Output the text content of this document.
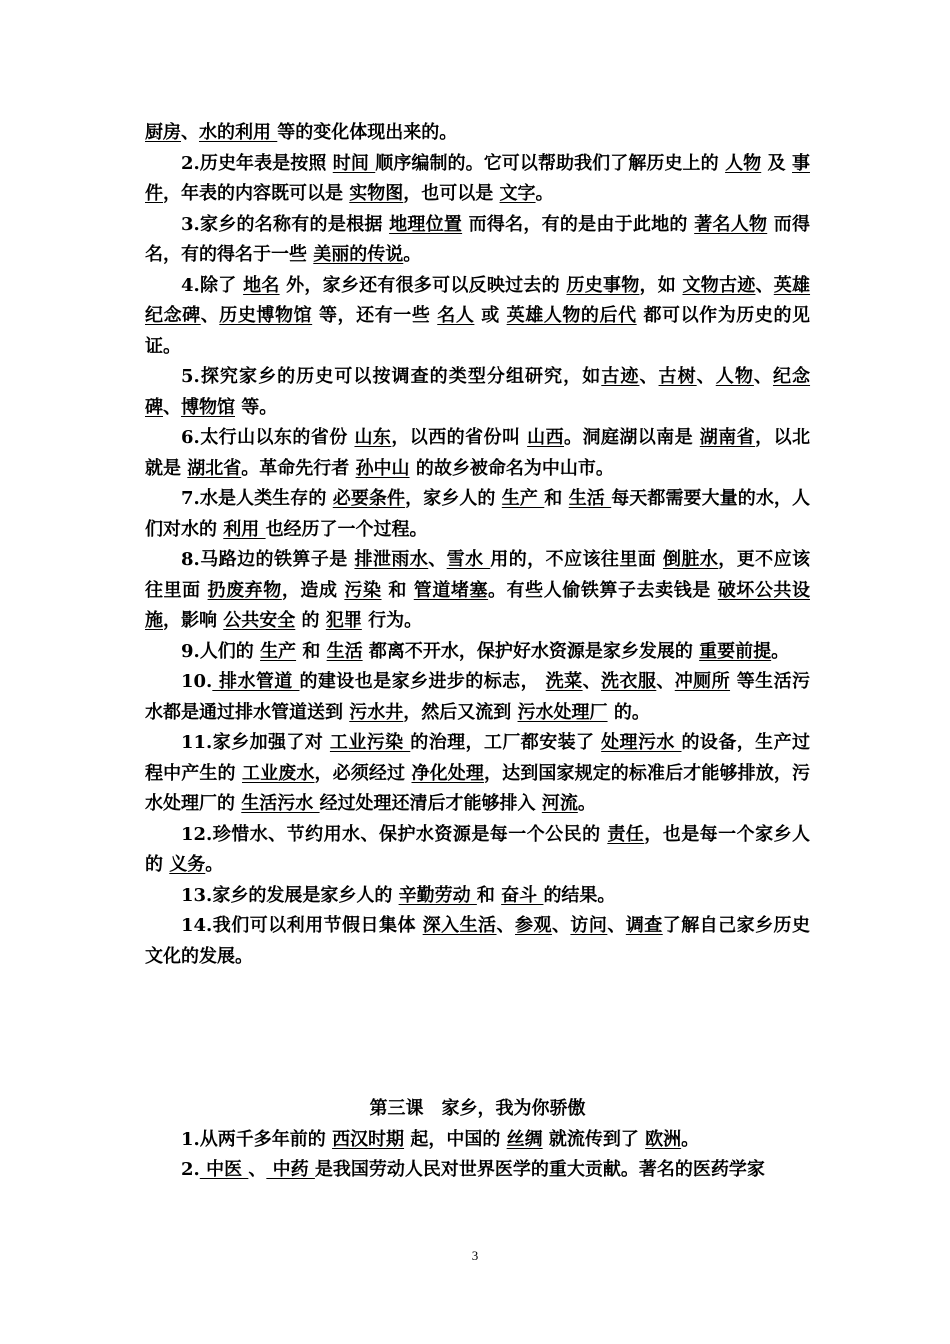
厨房、水的利用 等的变化体现出来的。
2.历史年表是按照 时间 顺序编制的。它可以帮助我们了解历史上的 人物 及 事件，年表的内容既可以是 实物图，也可以是 文字。
3.家乡的名称有的是根据 地理位置 而得名，有的是由于此地的 著名人物 而得名，有的得名于一些 美丽的传说。
4.除了 地名 外，家乡还有很多可以反映过去的 历史事物，如 文物古迹、英雄纪念碑、历史博物馆 等，还有一些 名人 或 英雄人物的后代 都可以作为历史的见证。
5.探究家乡的历史可以按调查的类型分组研究，如古迹、古树、人物、纪念碑、博物馆 等。
6.太行山以东的省份 山东，以西的省份叫 山西。洞庭湖以南是 湖南省，以北就是 湖北省。革命先行者 孙中山 的故乡被命名为中山市。
7.水是人类生存的 必要条件，家乡人的 生产 和 生活 每天都需要大量的水，人们对水的 利用 也经历了一个过程。
8.马路边的铁箅子是 排泄雨水、雪水 用的，不应该往里面 倒脏水，更不应该往里面 扔废弃物，造成 污染 和 管道堵塞。有些人偷铁箅子去卖钱是 破坏公共设施，影响 公共安全 的 犯罪 行为。
9.人们的 生产 和 生活 都离不开水，保护好水资源是家乡发展的 重要前提。
10. 排水管道 的建设也是家乡进步的标志， 洗菜、洗衣服、冲厕所 等生活污水都是通过排水管道送到 污水井，然后又流到 污水处理厂 的。
11.家乡加强了对 工业污染 的治理，工厂都安装了 处理污水 的设备，生产过程中产生的 工业废水，必须经过 净化处理，达到国家规定的标准后才能够排放，污水处理厂的 生活污水 经过处理还清后才能够排入 河流。
12.珍惜水、节约用水、保护水资源是每一个公民的 责任，也是每一个家乡人的 义务。
13.家乡的发展是家乡人的 辛勤劳动 和 奋斗 的结果。
14.我们可以利用节假日集体 深入生活、参观、访问、调查了解自己家乡历史文化的发展。
第三课　家乡，我为你骄傲
1.从两千多年前的 西汉时期 起，中国的 丝绸 就流传到了 欧洲。
2. 中医 、 中药 是我国劳动人民对世界医学的重大贡献。著名的医药学家
3
